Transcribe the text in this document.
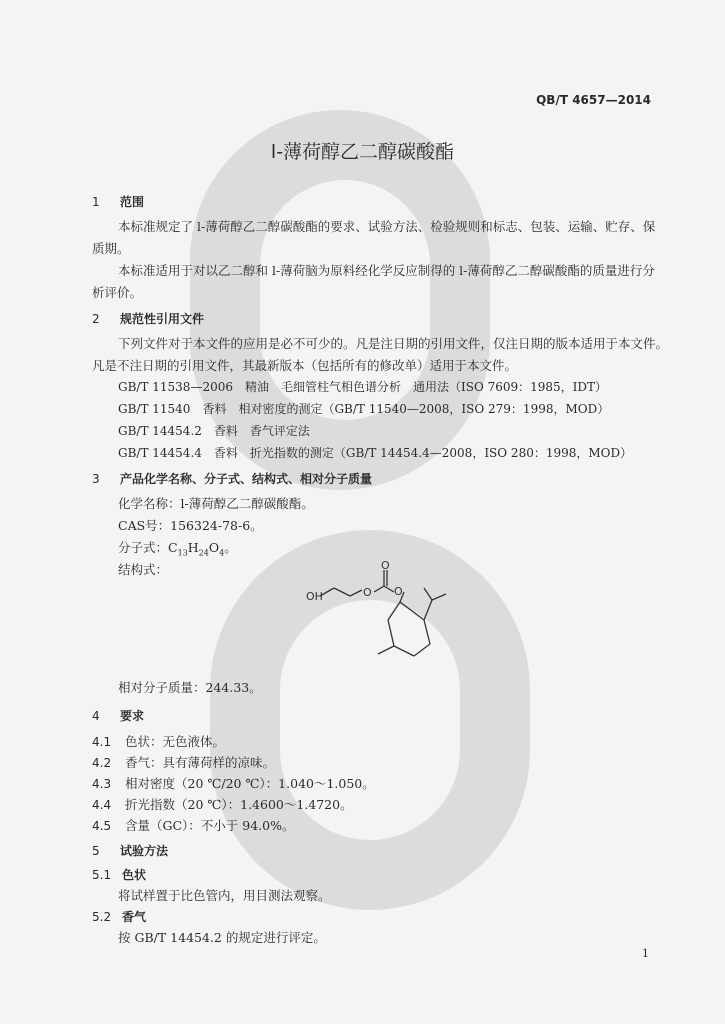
QB/T 4657—2014
l-薄荷醇乙二醇碳酸酯
1 范围
本标准规定了 l-薄荷醇乙二醇碳酸酯的要求、试验方法、检验规则和标志、包装、运输、贮存、保
质期。
本标准适用于对以乙二醇和 l-薄荷脑为原料经化学反应制得的 l-薄荷醇乙二醇碳酸酯的质量进行分
析评价。
2 规范性引用文件
下列文件对于本文件的应用是必不可少的。凡是注日期的引用文件，仅注日期的版本适用于本文件。
凡是不注日期的引用文件，其最新版本（包括所有的修改单）适用于本文件。
GB/T 11538—2006　精油　毛细管柱气相色谱分析　通用法（ISO 7609：1985，IDT）
GB/T 11540　香料　相对密度的测定（GB/T 11540—2008，ISO 279：1998，MOD）
GB/T 14454.2　香料　香气评定法
GB/T 14454.4　香料　折光指数的测定（GB/T 14454.4—2008，ISO 280：1998，MOD）
3 产品化学名称、分子式、结构式、相对分子质量
化学名称：l-薄荷醇乙二醇碳酸酯。
CAS号：156324-78-6。
分子式：$C_{13}H_{24}O_4$。
结构式：
OH	O
O
O
相对分子质量：244.33。
4 要求
4.1 色状：无色液体。
4.2 香气：具有薄荷样的凉味。
4.3 相对密度（20 ℃/20 ℃）：1.040～1.050。
4.4 折光指数（20 ℃）：1.4600～1.4720。
4.5 含量（GC）：不小于 94.0%。
5 试验方法
5.1 色状
将试样置于比色管内，用目测法观察。
5.2 香气
按 GB/T 14454.2 的规定进行评定。
1
